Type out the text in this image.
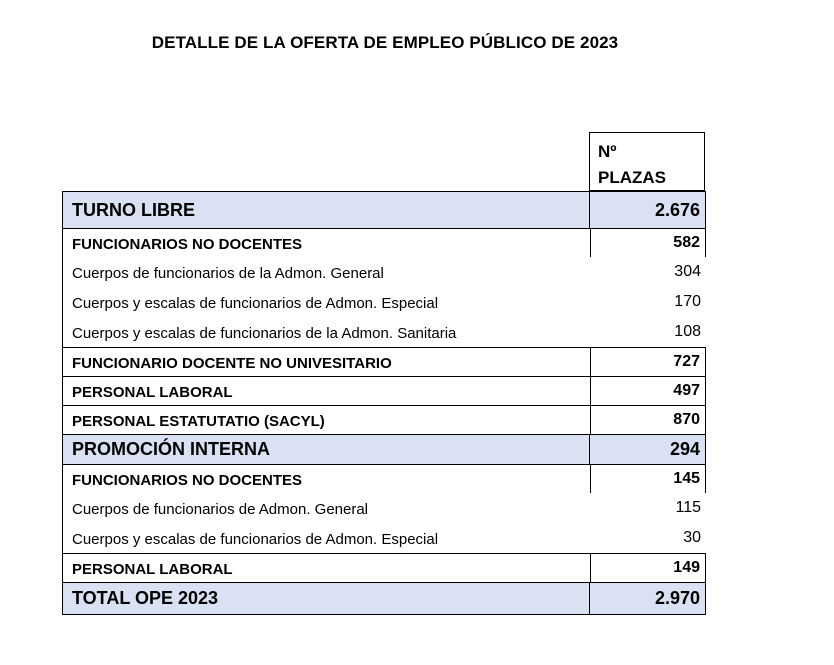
DETALLE DE LA OFERTA DE EMPLEO PÚBLICO DE 2023
Nº
PLAZAS
TURNO LIBRE	2.676
FUNCIONARIOS NO DOCENTES	582
Cuerpos de funcionarios de la Admon. General	304
Cuerpos y escalas de funcionarios de Admon. Especial	170
Cuerpos y escalas de funcionarios de la Admon. Sanitaria	108
FUNCIONARIO DOCENTE NO UNIVESITARIO	727
PERSONAL LABORAL	497
PERSONAL ESTATUTATIO (SACYL)	870
PROMOCIÓN INTERNA	294
FUNCIONARIOS NO DOCENTES	145
Cuerpos de funcionarios de Admon. General	115
Cuerpos y escalas de funcionarios de Admon. Especial	30
PERSONAL LABORAL	149
TOTAL OPE 2023	2.970
